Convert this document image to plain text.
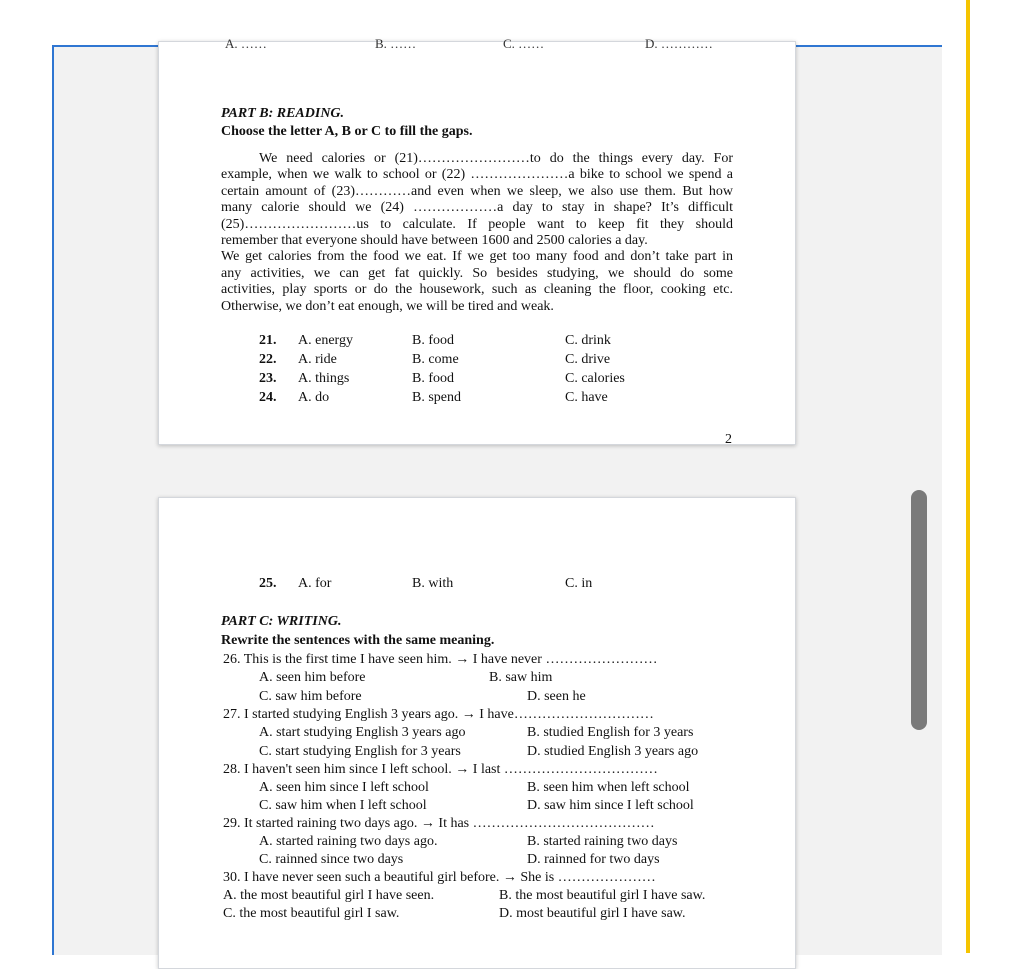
A. ……	B. ……	C. ……	D. …………
PART B: READING.
Choose the letter A, B or C to fill the gaps.
We need calories or (21)……………………to do the things every day. For
example, when we walk to school or (22) …………………a bike to school we spend a
certain amount of (23)…………and even when we sleep, we also use them. But how
many calorie should we (24) ………………a day to stay in shape? It’s difficult
(25)……………………us to calculate. If people want to keep fit they should
remember that everyone should have between 1600 and 2500 calories a day.
We get calories from the food we eat. If we get too many food and don’t take part in
any activities, we can get fat quickly. So besides studying, we should do some
activities, play sports or do the housework, such as cleaning the floor, cooking etc.
Otherwise, we don’t eat enough, we will be tired and weak.
21. A. energy	B. food	C. drink
22. A. ride	B. come	C. drive
23. A. things	B. food	C. calories
24. A. do	B. spend	C. have
2
25. A. for	B. with	C. in
PART C: WRITING.
Rewrite the sentences with the same meaning.
26. This is the first time I have seen him. → I have never ……………………
A. seen him before	B. saw him
C. saw him before	D. seen he
27. I started studying English 3 years ago. → I have…………………………
A. start studying English 3 years ago	B. studied English for 3 years
C. start studying English for 3 years	D. studied English 3 years ago
28. I haven't seen him since I left school. → I last ……………………………
A. seen him since I left school	B. seen him when left school
C. saw him when I left school	D. saw him since I left school
29. It started raining two days ago. → It has …………………………………
A. started raining two days ago.	B. started raining two days
C. rainned since two days	D. rainned for two days
30. I have never seen such a beautiful girl before. → She is …………………
A. the most beautiful girl I have seen.	B. the most beautiful girl I have saw.
C. the most beautiful girl I saw.	D. most beautiful girl I have saw.
